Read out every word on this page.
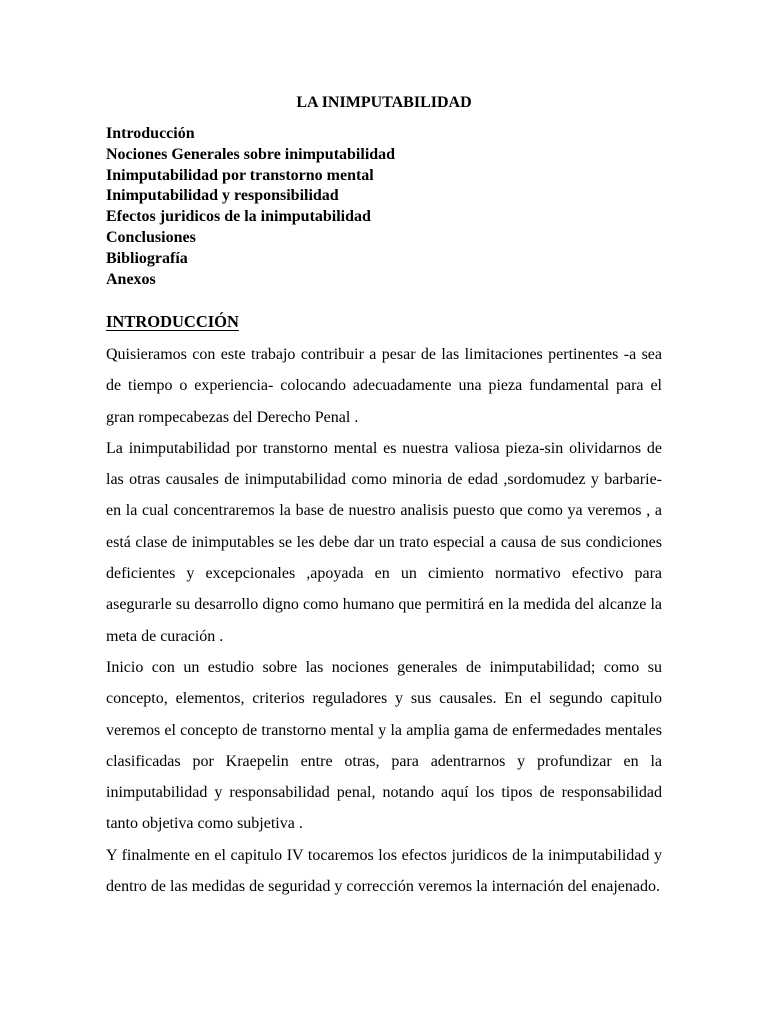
LA INIMPUTABILIDAD
Introducción
Nociones Generales sobre inimputabilidad
Inimputabilidad por transtorno mental
Inimputabilidad y responsibilidad
Efectos juridicos de la inimputabilidad
Conclusiones
Bibliografía
Anexos
INTRODUCCIÓN

Quisieramos con este trabajo contribuir a pesar de las limitaciones pertinentes -a sea de tiempo o experiencia- colocando adecuadamente una pieza fundamental para el gran rompecabezas del Derecho Penal .

La inimputabilidad por transtorno mental es nuestra valiosa pieza-sin olividarnos de las otras causales de inimputabilidad como minoria de edad ,sordomudez y barbarie- en la cual concentraremos la base de nuestro analisis puesto que como ya veremos , a está clase de inimputables se les debe dar un trato especial a causa de sus condiciones deficientes y excepcionales ,apoyada en un cimiento normativo efectivo para asegurarle su desarrollo digno como humano que permitirá en la medida del alcanze la meta de curación .

Inicio con un estudio sobre las nociones generales de inimputabilidad; como su concepto, elementos, criterios reguladores y sus causales. En el segundo capitulo veremos el concepto de transtorno mental y la amplia gama de enfermedades mentales clasificadas por Kraepelin entre otras, para adentrarnos y profundizar en la inimputabilidad y responsabilidad penal, notando aquí los tipos de responsabilidad tanto objetiva como subjetiva .

Y finalmente en el capitulo IV tocaremos los efectos juridicos de la inimputabilidad y dentro de las medidas de seguridad y corrección veremos la internación del enajenado.
